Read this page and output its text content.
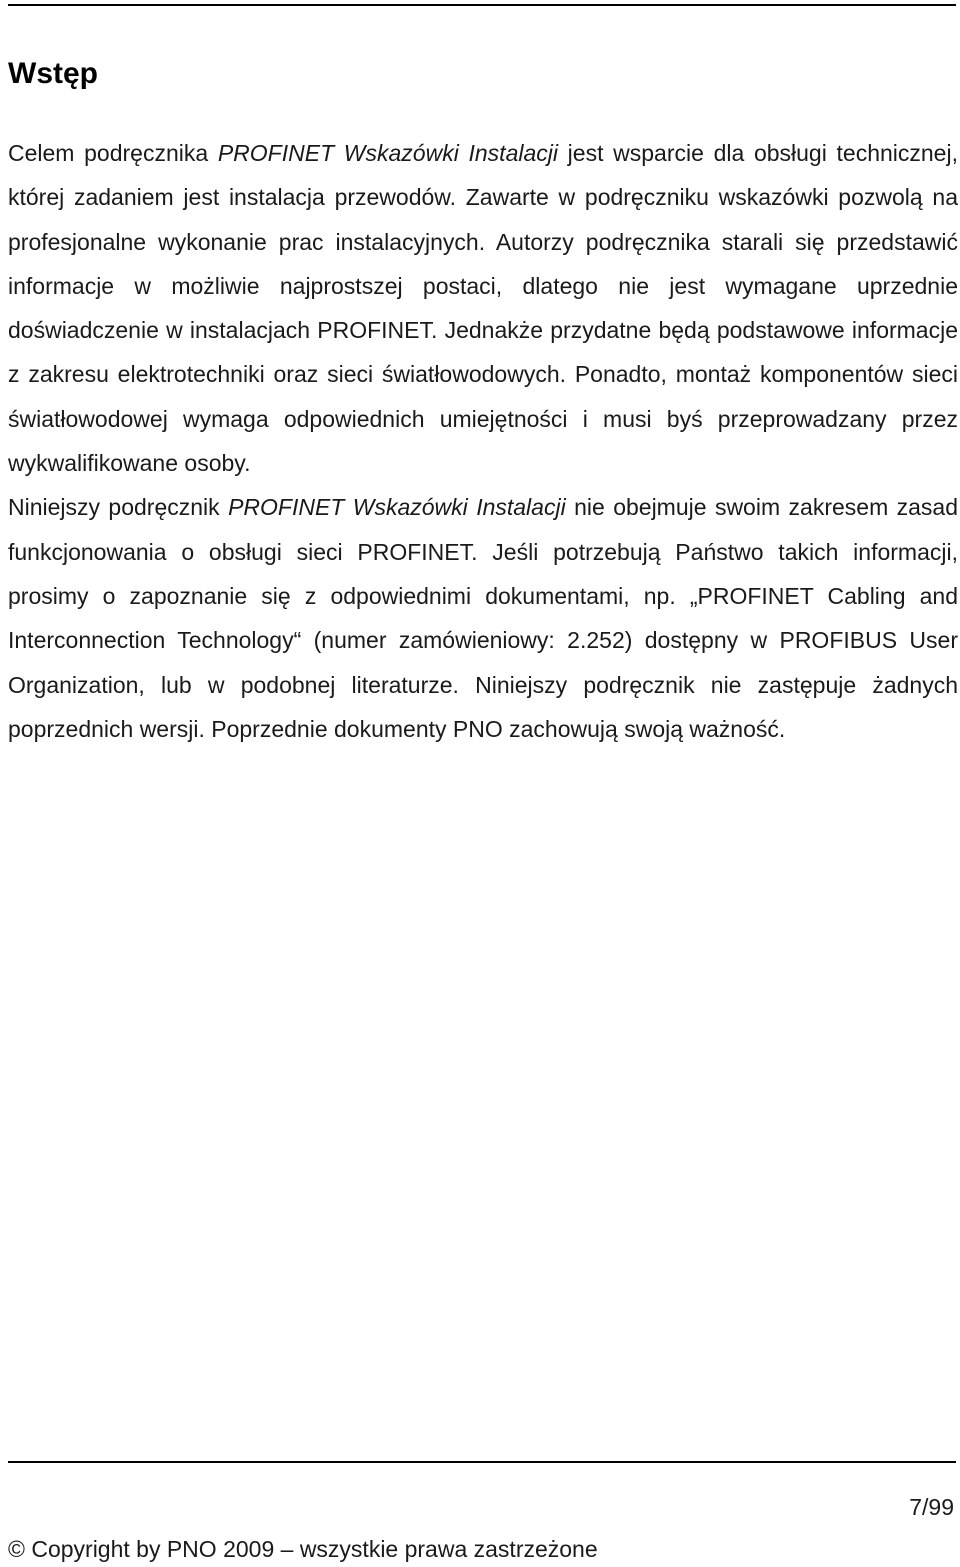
Wstęp

Celem podręcznika PROFINET Wskazówki Instalacji jest wsparcie dla obsługi technicznej, której zadaniem jest instalacja przewodów. Zawarte w podręczniku wskazówki pozwolą na profesjonalne wykonanie prac instalacyjnych. Autorzy podręcznika starali się przedstawić informacje w możliwie najprostszej postaci, dlatego nie jest wymagane uprzednie doświadczenie w instalacjach PROFINET. Jednakże przydatne będą podstawowe informacje z zakresu elektrotechniki oraz sieci światłowodowych. Ponadto, montaż komponentów sieci światłowodowej wymaga odpowiednich umiejętności i musi byś przeprowadzany przez wykwalifikowane osoby.

Niniejszy podręcznik PROFINET Wskazówki Instalacji nie obejmuje swoim zakresem zasad funkcjonowania o obsługi sieci PROFINET. Jeśli potrzebują Państwo takich informacji, prosimy o zapoznanie się z odpowiednimi dokumentami, np. „PROFINET Cabling and Interconnection Technology“ (numer zamówieniowy: 2.252) dostępny w PROFIBUS User Organization, lub w podobnej literaturze. Niniejszy podręcznik nie zastępuje żadnych poprzednich wersji. Poprzednie dokumenty PNO zachowują swoją ważność.

7/99
© Copyright by PNO 2009 – wszystkie prawa zastrzeżone
